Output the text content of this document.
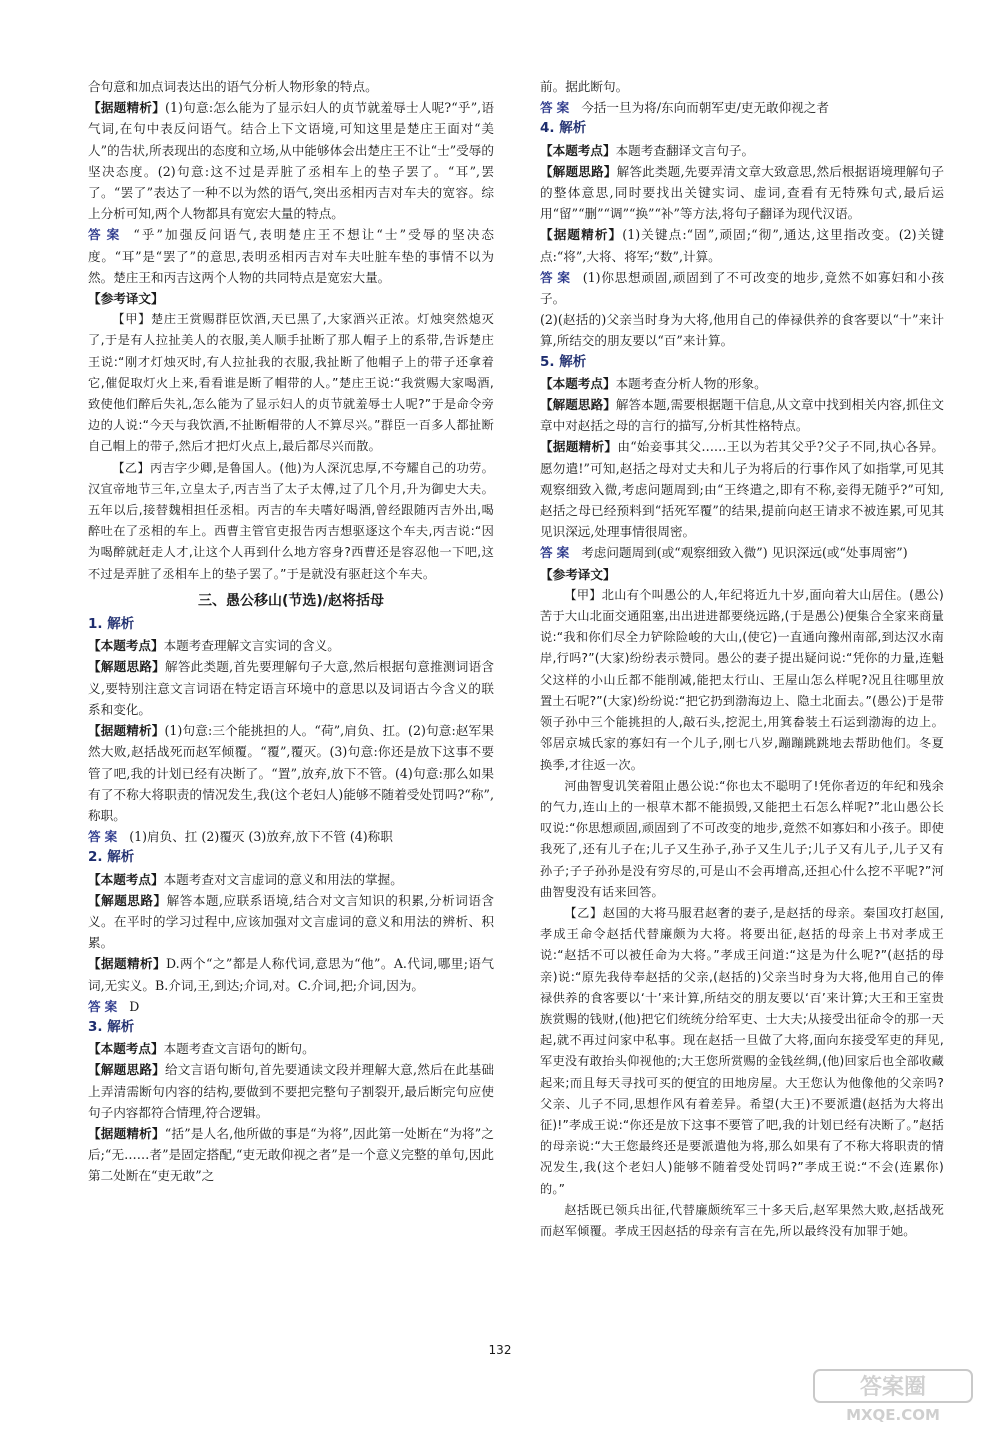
合句意和加点词表达出的语气分析人物形象的特点。
【据题精析】(1)句意:怎么能为了显示妇人的贞节就羞辱士人呢?“乎”,语气词,在句中表反问语气。结合上下文语境,可知这里是楚庄王面对“美人”的告状,所表现出的态度和立场,从中能够体会出楚庄王不让“士”受辱的坚决态度。(2)句意:这不过是弄脏了丞相车上的垫子罢了。“耳”,罢了。“罢了”表达了一种不以为然的语气,突出丞相丙吉对车夫的宽容。综上分析可知,两个人物都具有宽宏大量的特点。
答案 “乎”加强反问语气,表明楚庄王不想让“士”受辱的坚决态度。“耳”是“罢了”的意思,表明丞相丙吉对车夫吐脏车垫的事情不以为然。楚庄王和丙吉这两个人物的共同特点是宽宏大量。
【参考译文】
【甲】楚庄王赏赐群臣饮酒,天已黑了,大家酒兴正浓。灯烛突然熄灭了,于是有人拉扯美人的衣服,美人顺手扯断了那人帽子上的系带,告诉楚庄王说:“刚才灯烛灭时,有人拉扯我的衣服,我扯断了他帽子上的带子还拿着它,催促取灯火上来,看看谁是断了帽带的人。”楚庄王说:“我赏赐大家喝酒,致使他们醉后失礼,怎么能为了显示妇人的贞节就羞辱士人呢?”于是命令旁边的人说:“今天与我饮酒,不扯断帽带的人不算尽兴。”群臣一百多人都扯断自己帽上的带子,然后才把灯火点上,最后都尽兴而散。
【乙】丙吉字少卿,是鲁国人。(他)为人深沉忠厚,不夸耀自己的功劳。汉宣帝地节三年,立皇太子,丙吉当了太子太傅,过了几个月,升为御史大夫。五年以后,接替魏相担任丞相。丙吉的车夫嗜好喝酒,曾经跟随丙吉外出,喝醉吐在了丞相的车上。西曹主管官吏报告丙吉想驱逐这个车夫,丙吉说:“因为喝醉就赶走人才,让这个人再到什么地方容身?西曹还是容忍他一下吧,这不过是弄脏了丞相车上的垫子罢了。”于是就没有驱赶这个车夫。
三、愚公移山(节选)/赵将括母
1. 解析
【本题考点】本题考查理解文言实词的含义。
【解题思路】解答此类题,首先要理解句子大意,然后根据句意推测词语含义,要特别注意文言词语在特定语言环境中的意思以及词语古今含义的联系和变化。
【据题精析】(1)句意:三个能挑担的人。“荷”,肩负、扛。(2)句意:赵军果然大败,赵括战死而赵军倾覆。“覆”,覆灭。(3)句意:你还是放下这事不要管了吧,我的计划已经有决断了。“置”,放弃,放下不管。(4)句意:那么如果有了不称大将职责的情况发生,我(这个老妇人)能够不随着受处罚吗?“称”,称职。
答案 (1)肩负、扛 (2)覆灭 (3)放弃,放下不管 (4)称职
2. 解析
【本题考点】本题考查对文言虚词的意义和用法的掌握。
【解题思路】解答本题,应联系语境,结合对文言知识的积累,分析词语含义。在平时的学习过程中,应该加强对文言虚词的意义和用法的辨析、积累。
【据题精析】D.两个“之”都是人称代词,意思为“他”。A.代词,哪里;语气词,无实义。B.介词,王,到达;介词,对。C.介词,把;介词,因为。
答案 D
3. 解析
【本题考点】本题考查文言语句的断句。
【解题思路】给文言语句断句,首先要通读文段并理解大意,然后在此基础上弄清需断句内容的结构,要做到不要把完整句子割裂开,最后断完句应使句子内容都符合情理,符合逻辑。
【据题精析】“括”是人名,他所做的事是“为将”,因此第一处断在“为将”之后;“无……者”是固定搭配,“吏无敢仰视之者”是一个意义完整的单句,因此第二处断在“吏无敢”之
前。据此断句。
答案 今括一旦为将/东向而朝军吏/吏无敢仰视之者
4. 解析
【本题考点】本题考查翻译文言句子。
【解题思路】解答此类题,先要弄清文章大致意思,然后根据语境理解句子的整体意思,同时要找出关键实词、虚词,查看有无特殊句式,最后运用“留”“删”“调”“换”“补”等方法,将句子翻译为现代汉语。
【据题精析】(1)关键点:“固”,顽固;“彻”,通达,这里指改变。(2)关键点:“将”,大将、将军;“数”,计算。
答案 (1)你思想顽固,顽固到了不可改变的地步,竟然不如寡妇和小孩子。
(2)(赵括的)父亲当时身为大将,他用自己的俸禄供养的食客要以“十”来计算,所结交的朋友要以“百”来计算。
5. 解析
【本题考点】本题考查分析人物的形象。
【解题思路】解答本题,需要根据题干信息,从文章中找到相关内容,抓住文章中对赵括之母的言行的描写,分析其性格特点。
【据题精析】由“始妾事其父……王以为若其父乎?父子不同,执心各异。愿勿遣!”可知,赵括之母对丈夫和儿子为将后的行事作风了如指掌,可见其观察细致入微,考虑问题周到;由“王终遣之,即有不称,妾得无随乎?”可知,赵括之母已经预料到“括死军覆”的结果,提前向赵王请求不被连累,可见其见识深远,处理事情很周密。
答案 考虑问题周到(或“观察细致入微”) 见识深远(或“处事周密”)
【参考译文】
【甲】北山有个叫愚公的人,年纪将近九十岁,面向着大山居住。(愚公)苦于大山北面交通阻塞,出出进进都要绕远路,(于是愚公)便集合全家来商量说:“我和你们尽全力铲除险峻的大山,(使它)一直通向豫州南部,到达汉水南岸,行吗?”(大家)纷纷表示赞同。愚公的妻子提出疑问说:“凭你的力量,连魁父这样的小山丘都不能削减,能把太行山、王屋山怎么样呢?况且往哪里放置土石呢?”(大家)纷纷说:“把它扔到渤海边上、隐土北面去。”(愚公)于是带领子孙中三个能挑担的人,敲石头,挖泥土,用箕畚装土石运到渤海的边上。邻居京城氏家的寡妇有一个儿子,刚七八岁,蹦蹦跳跳地去帮助他们。冬夏换季,才往返一次。
河曲智叟讥笑着阻止愚公说:“你也太不聪明了!凭你者迈的年纪和残余的气力,连山上的一根草木都不能损毁,又能把土石怎么样呢?”北山愚公长叹说:“你思想顽固,顽固到了不可改变的地步,竟然不如寡妇和小孩子。即使我死了,还有儿子在;儿子又生孙子,孙子又生儿子;儿子又有儿子,儿子又有孙子;子子孙孙是没有穷尽的,可是山不会再增高,还担心什么挖不平呢?”河曲智叟没有话来回答。
【乙】赵国的大将马服君赵奢的妻子,是赵括的母亲。秦国攻打赵国,孝成王命令赵括代替廉颇为大将。将要出征,赵括的母亲上书对孝成王说:“赵括不可以被任命为大将。”孝成王问道:“这是为什么呢?”(赵括的母亲)说:“原先我侍奉赵括的父亲,(赵括的)父亲当时身为大将,他用自己的俸禄供养的食客要以‘十’来计算,所结交的朋友要以‘百’来计算;大王和王室贵族赏赐的钱财,(他)把它们统统分给军吏、士大夫;从接受出征命令的那一天起,就不再过问家中私事。现在赵括一旦做了大将,面向东接受军吏的拜见,军吏没有敢抬头仰视他的;大王您所赏赐的金钱丝绸,(他)回家后也全部收藏起来;而且每天寻找可买的便宜的田地房屋。大王您认为他像他的父亲吗?父亲、儿子不同,思想作风有着差异。希望(大王)不要派遣(赵括为大将出征)!”孝成王说:“你还是放下这事不要管了吧,我的计划已经有决断了。”赵括的母亲说:“大王您最终还是要派遣他为将,那么如果有了不称大将职责的情况发生,我(这个老妇人)能够不随着受处罚吗?”孝成王说:“不会(连累你)的。”
赵括既已领兵出征,代替廉颇统军三十多天后,赵军果然大败,赵括战死而赵军倾覆。孝成王因赵括的母亲有言在先,所以最终没有加罪于她。
132
答案圈
MXQE.COM
